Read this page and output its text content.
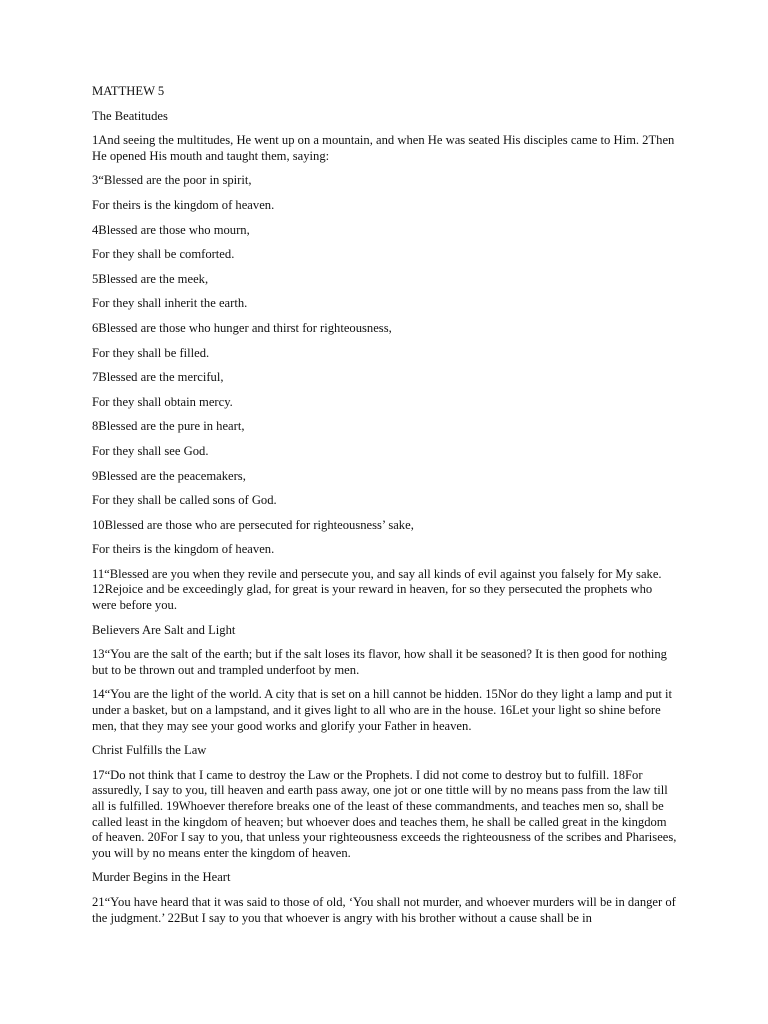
MATTHEW 5

The Beatitudes

1And seeing the multitudes, He went up on a mountain, and when He was seated His disciples came to Him. 2Then He opened His mouth and taught them, saying:

3“Blessed are the poor in spirit,

For theirs is the kingdom of heaven.

4Blessed are those who mourn,

For they shall be comforted.

5Blessed are the meek,

For they shall inherit the earth.

6Blessed are those who hunger and thirst for righteousness,

For they shall be filled.

7Blessed are the merciful,

For they shall obtain mercy.

8Blessed are the pure in heart,

For they shall see God.

9Blessed are the peacemakers,

For they shall be called sons of God.

10Blessed are those who are persecuted for righteousness’ sake,

For theirs is the kingdom of heaven.

11“Blessed are you when they revile and persecute you, and say all kinds of evil against you falsely for My sake. 12Rejoice and be exceedingly glad, for great is your reward in heaven, for so they persecuted the prophets who were before you.

Believers Are Salt and Light

13“You are the salt of the earth; but if the salt loses its flavor, how shall it be seasoned? It is then good for nothing but to be thrown out and trampled underfoot by men.

14“You are the light of the world. A city that is set on a hill cannot be hidden. 15Nor do they light a lamp and put it under a basket, but on a lampstand, and it gives light to all who are in the house. 16Let your light so shine before men, that they may see your good works and glorify your Father in heaven.

Christ Fulfills the Law

17“Do not think that I came to destroy the Law or the Prophets. I did not come to destroy but to fulfill. 18For assuredly, I say to you, till heaven and earth pass away, one jot or one tittle will by no means pass from the law till all is fulfilled. 19Whoever therefore breaks one of the least of these commandments, and teaches men so, shall be called least in the kingdom of heaven; but whoever does and teaches them, he shall be called great in the kingdom of heaven. 20For I say to you, that unless your righteousness exceeds the righteousness of the scribes and Pharisees, you will by no means enter the kingdom of heaven.

Murder Begins in the Heart

21“You have heard that it was said to those of old, ‘You shall not murder, and whoever murders will be in danger of the judgment.’ 22But I say to you that whoever is angry with his brother without a cause shall be in
